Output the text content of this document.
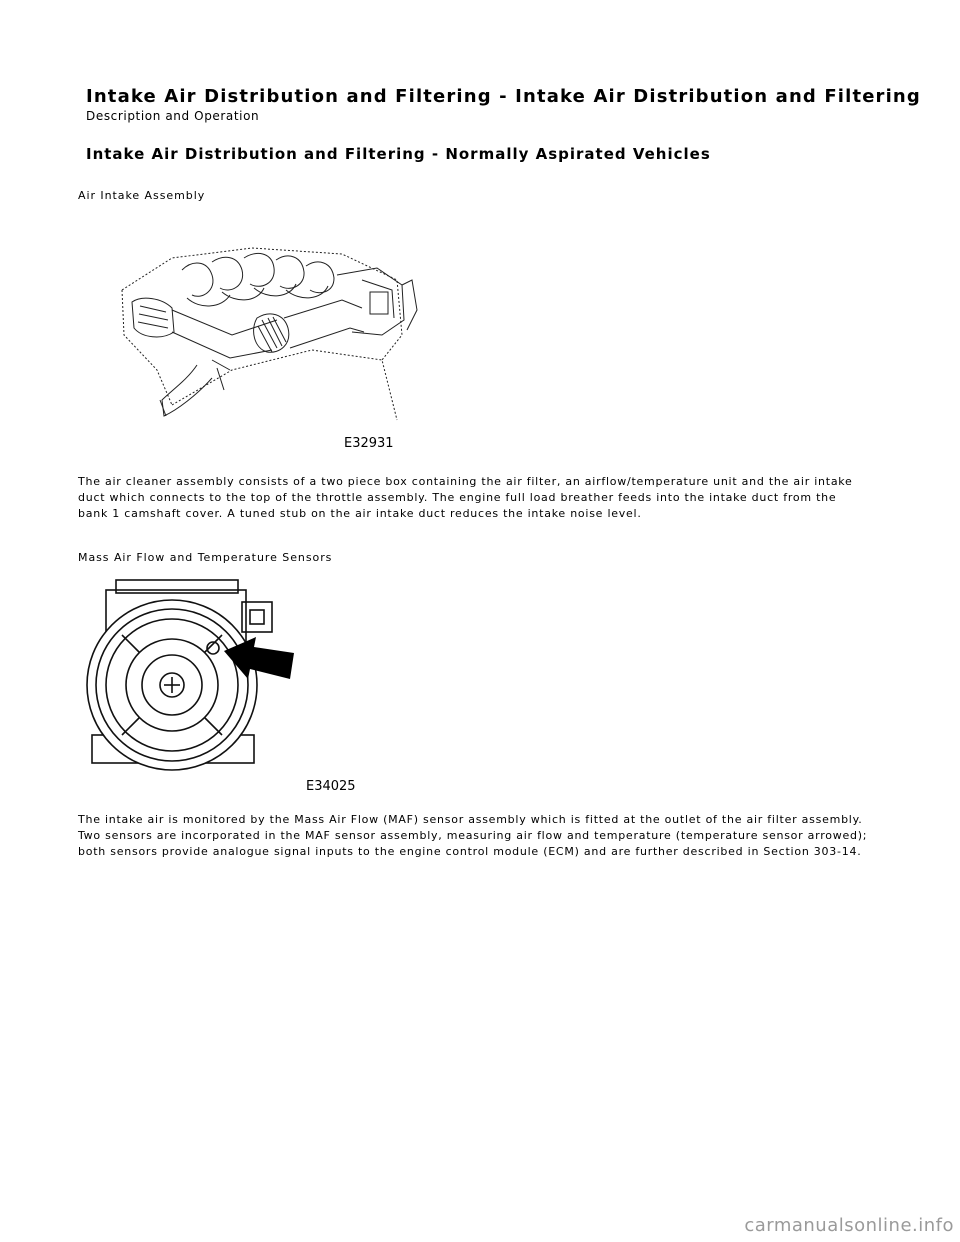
Intake Air Distribution and Filtering - Intake Air Distribution and Filtering
Description and Operation
Intake Air Distribution and Filtering - Normally Aspirated Vehicles
Air Intake Assembly
E32931

The air cleaner assembly consists of a two piece box containing the air filter, an airflow/temperature unit and the air intake duct which connects to the top of the throttle assembly. The engine full load breather feeds into the intake duct from the bank 1 camshaft cover. A tuned stub on the air intake duct reduces the intake noise level.

Mass Air Flow and Temperature Sensors
E34025

The intake air is monitored by the Mass Air Flow (MAF) sensor assembly which is fitted at the outlet of the air filter assembly. Two sensors are incorporated in the MAF sensor assembly, measuring air flow and temperature (temperature sensor arrowed); both sensors provide analogue signal inputs to the engine control module (ECM) and are further described in Section 303-14.

carmanualsonline.info
